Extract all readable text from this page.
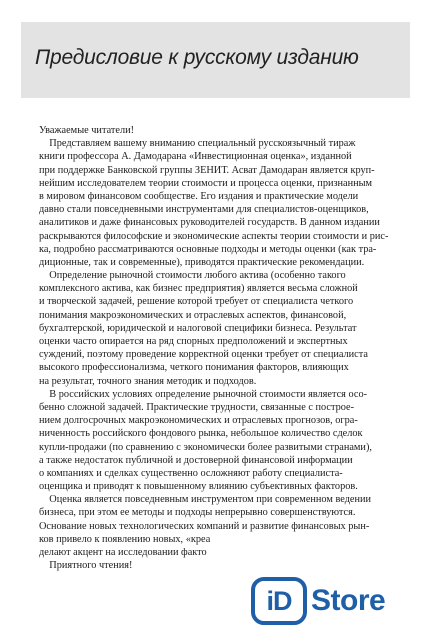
Предисловие к русскому изданию
Уважаемые читатели!
 Представляем вашему вниманию специальный русскоязычный тираж
книги профессора А. Дамодарана «Инвестиционная оценка», изданной
при поддержке Банковской группы ЗЕНИТ. Асват Дамодаран является круп-
нейшим исследователем теории стоимости и процесса оценки, признанным
в мировом финансовом сообществе. Его издания и практические модели
давно стали повседневными инструментами для специалистов-оценщиков,
аналитиков и даже финансовых руководителей государств. В данном издании
раскрываются философские и экономические аспекты теории стоимости и рис-
ка, подробно рассматриваются основные подходы и методы оценки (как тра-
диционные, так и современные), приводятся практические рекомендации.
 Определение рыночной стоимости любого актива (особенно такого
комплексного актива, как бизнес предприятия) является весьма сложной
и творческой задачей, решение которой требует от специалиста четкого
понимания макроэкономических и отраслевых аспектов, финансовой,
бухгалтерской, юридической и налоговой специфики бизнеса. Результат
оценки часто опирается на ряд спорных предположений и экспертных
суждений, поэтому проведение корректной оценки требует от специалиста
высокого профессионализма, четкого понимания факторов, влияющих
на результат, точного знания методик и подходов.
 В российских условиях определение рыночной стоимости является осо-
бенно сложной задачей. Практические трудности, связанные с построе-
нием долгосрочных макроэкономических и отраслевых прогнозов, огра-
ниченность российского фондового рынка, небольшое количество сделок
купли-продажи (по сравнению с экономически более развитыми странами),
а также недостаток публичной и достоверной финансовой информации
о компаниях и сделках существенно осложняют работу специалиста-
оценщика и приводят к повышенному влиянию субъективных факторов.
 Оценка является повседневным инструментом при современном ведении
бизнеса, при этом ее методы и подходы непрерывно совершенствуются.
Основание новых технологических компаний и развитие финансовых рын-
ков привело к появлению новых, «креа
делают акцент на исследовании факто
 Приятного чтения!
iD Store
